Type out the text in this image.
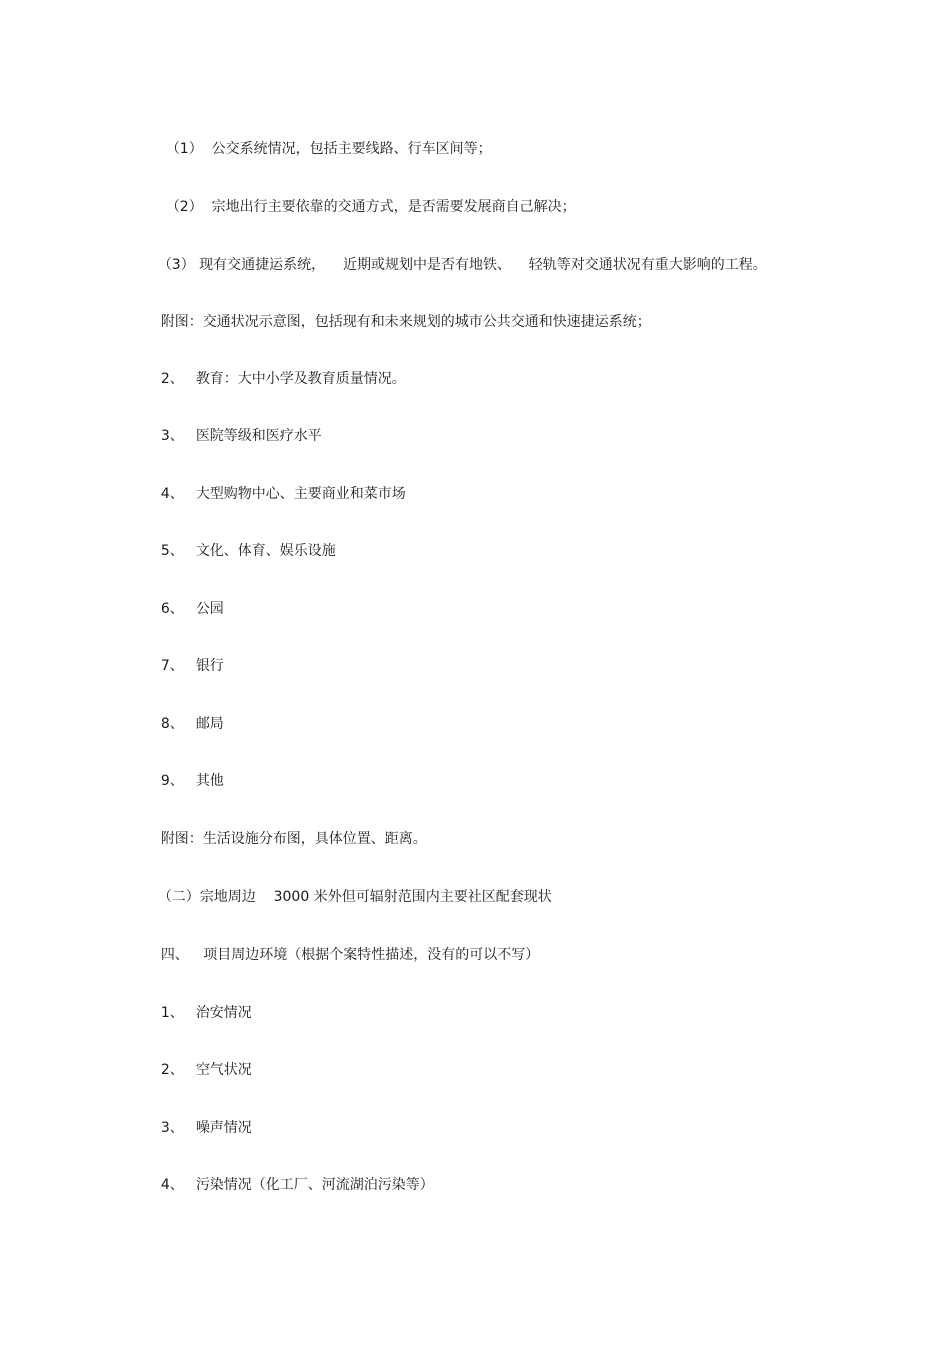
（1）  公交系统情况，包括主要线路、行车区间等；

（2）  宗地出行主要依靠的交通方式，是否需要发展商自己解决；

（3） 现有交通捷运系统，    近期或规划中是否有地铁、    轻轨等对交通状况有重大影响的工程。

附图：交通状况示意图，包括现有和未来规划的城市公共交通和快速捷运系统；

2、 教育：大中小学及教育质量情况。

3、 医院等级和医疗水平

4、 大型购物中心、主要商业和菜市场

5、 文化、体育、娱乐设施

6、 公园

7、 银行

8、 邮局

9、 其他

附图：生活设施分布图，具体位置、距离。

（二）宗地周边    3000 米外但可辐射范围内主要社区配套现状

四、 项目周边环境（根据个案特性描述，没有的可以不写）

1、 治安情况

2、 空气状况

3、 噪声情况

4、 污染情况（化工厂、河流湖泊污染等）
